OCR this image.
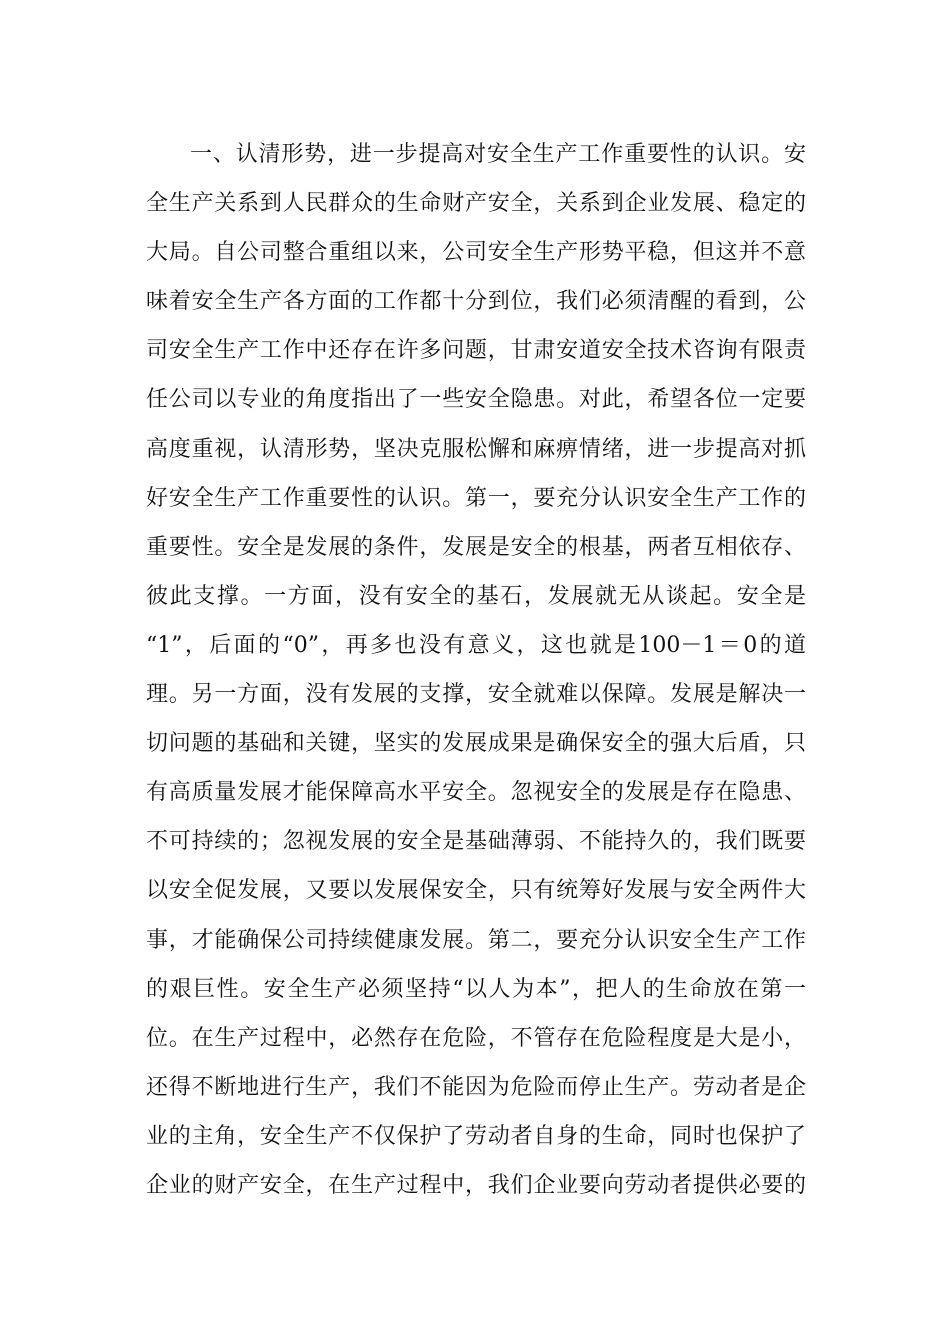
一、认清形势，进一步提高对安全生产工作重要性的认识。安
全生产关系到人民群众的生命财产安全，关系到企业发展、稳定的
大局。自公司整合重组以来，公司安全生产形势平稳，但这并不意
味着安全生产各方面的工作都十分到位，我们必须清醒的看到，公
司安全生产工作中还存在许多问题，甘肃安道安全技术咨询有限责
任公司以专业的角度指出了一些安全隐患。对此，希望各位一定要
高度重视，认清形势，坚决克服松懈和麻痹情绪，进一步提高对抓
好安全生产工作重要性的认识。第一，要充分认识安全生产工作的
重要性。安全是发展的条件，发展是安全的根基，两者互相依存、
彼此支撑。一方面，没有安全的基石，发展就无从谈起。安全是
“1”，后面的“0”，再多也没有意义，这也就是100－1＝0的道
理。另一方面，没有发展的支撑，安全就难以保障。发展是解决一
切问题的基础和关键，坚实的发展成果是确保安全的强大后盾，只
有高质量发展才能保障高水平安全。忽视安全的发展是存在隐患、
不可持续的；忽视发展的安全是基础薄弱、不能持久的，我们既要
以安全促发展，又要以发展保安全，只有统筹好发展与安全两件大
事，才能确保公司持续健康发展。第二，要充分认识安全生产工作
的艰巨性。安全生产必须坚持“以人为本”，把人的生命放在第一
位。在生产过程中，必然存在危险，不管存在危险程度是大是小，
还得不断地进行生产，我们不能因为危险而停止生产。劳动者是企
业的主角，安全生产不仅保护了劳动者自身的生命，同时也保护了
企业的财产安全，在生产过程中，我们企业要向劳动者提供必要的
